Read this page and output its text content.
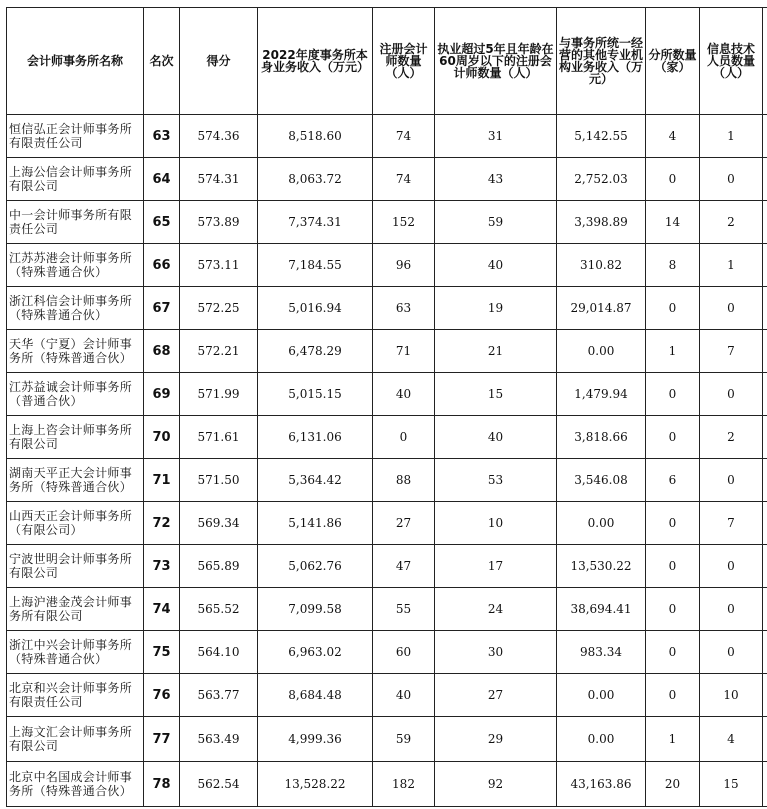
会计师事务所名称	名次	得分	2022年度事务所本身业务收入（万元）	注册会计师数量（人）	执业超过5年且年龄在60周岁以下的注册会计师数量（人）	与事务所统一经营的其他专业机构业务收入（万元）	分所数量（家）	信息技术人员数量（人）	

恒信弘正会计师事务所有限责任公司	63	574.36	8,518.60	74	31	5,142.55	4	1	
上海公信会计师事务所有限公司	64	574.31	8,063.72	74	43	2,752.03	0	0	
中一会计师事务所有限责任公司	65	573.89	7,374.31	152	59	3,398.89	14	2	
江苏苏港会计师事务所（特殊普通合伙）	66	573.11	7,184.55	96	40	310.82	8	1	
浙江科信会计师事务所（特殊普通合伙）	67	572.25	5,016.94	63	19	29,014.87	0	0	
天华（宁夏）会计师事务所（特殊普通合伙）	68	572.21	6,478.29	71	21	0.00	1	7	
江苏益诚会计师事务所（普通合伙）	69	571.99	5,015.15	40	15	1,479.94	0	0	
上海上咨会计师事务所有限公司	70	571.61	6,131.06	0	40	3,818.66	0	2	
湖南天平正大会计师事务所（特殊普通合伙）	71	571.50	5,364.42	88	53	3,546.08	6	0	
山西天正会计师事务所（有限公司）	72	569.34	5,141.86	27	10	0.00	0	7	
宁波世明会计师事务所有限公司	73	565.89	5,062.76	47	17	13,530.22	0	0	
上海沪港金茂会计师事务所有限公司	74	565.52	7,099.58	55	24	38,694.41	0	0	
浙江中兴会计师事务所（特殊普通合伙）	75	564.10	6,963.02	60	30	983.34	0	0	
北京和兴会计师事务所有限责任公司	76	563.77	8,684.48	40	27	0.00	0	10	
上海文汇会计师事务所有限公司	77	563.49	4,999.36	59	29	0.00	1	4	
北京中名国成会计师事务所（特殊普通合伙）	78	562.54	13,528.22	182	92	43,163.86	20	15	
